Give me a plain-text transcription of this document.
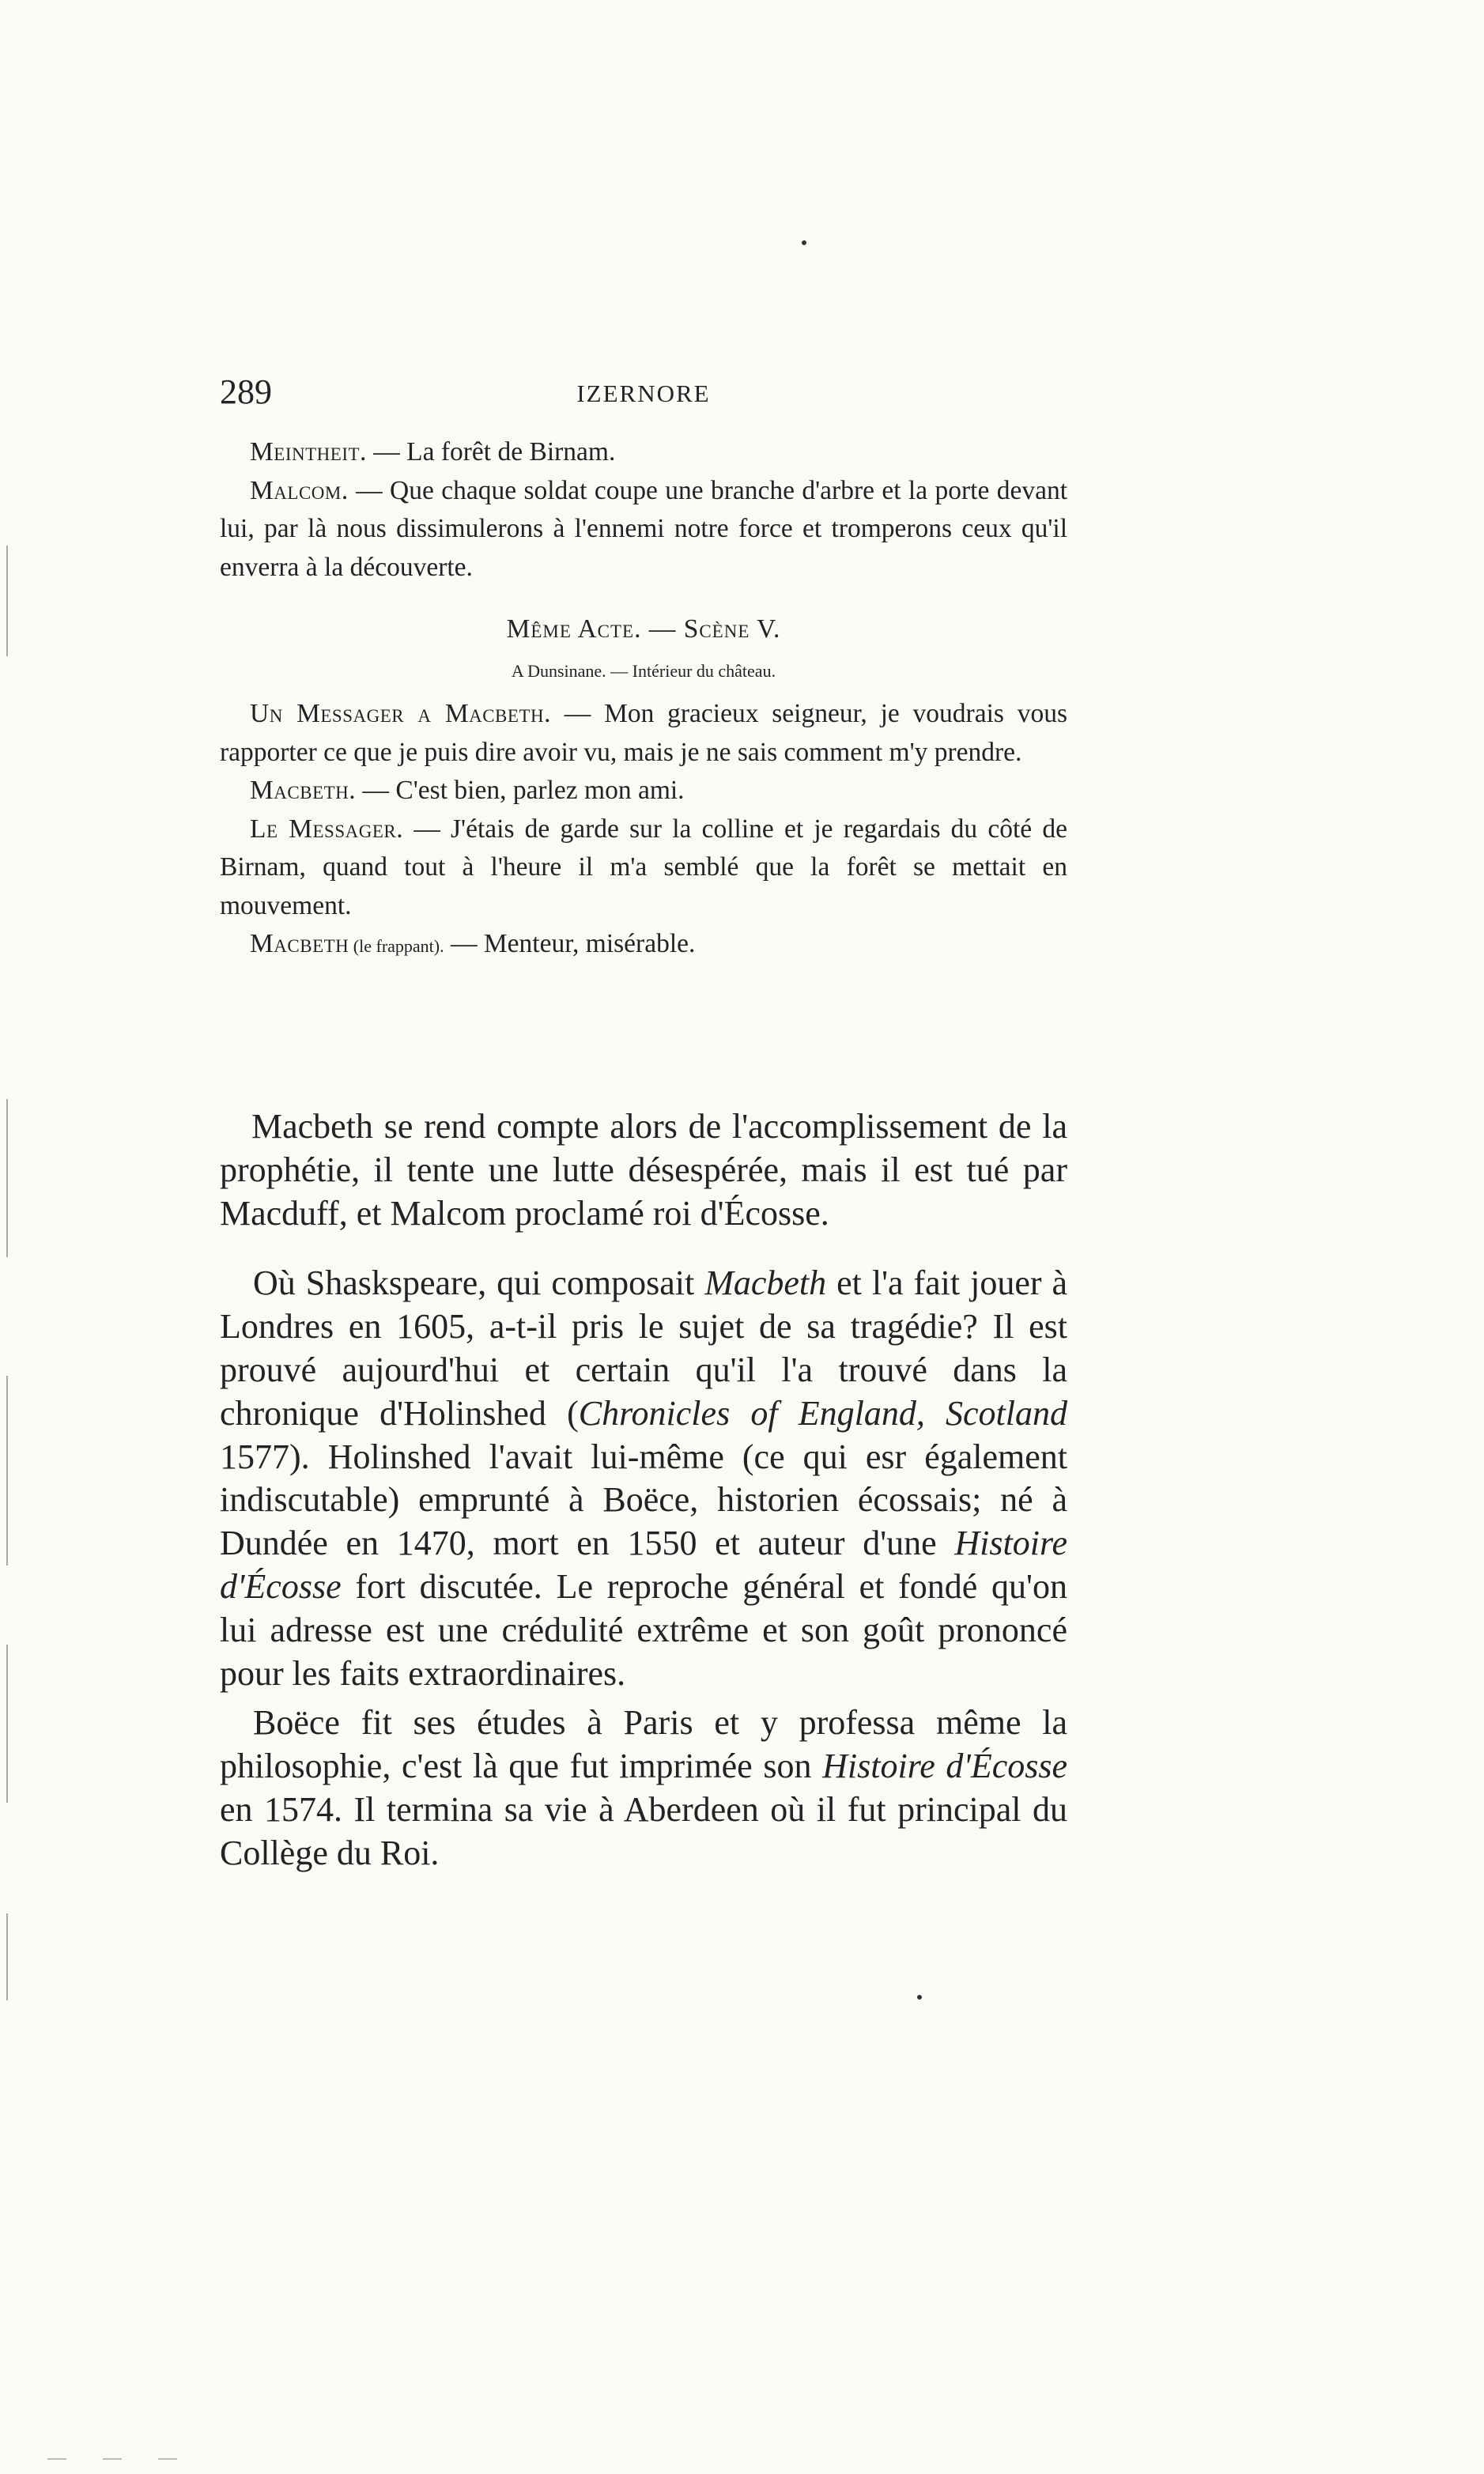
289	IZERNORE

Meintheit. — La forêt de Birnam.

Malcom. — Que chaque soldat coupe une branche d'arbre et la porte devant lui, par là nous dissimulerons à l'ennemi notre force et tromperons ceux qu'il enverra à la découverte.

Même Acte. — Scène V.

A Dunsinane. — Intérieur du château.

Un Messager a Macbeth. — Mon gracieux seigneur, je voudrais vous rapporter ce que je puis dire avoir vu, mais je ne sais comment m'y prendre.

Macbeth. — C'est bien, parlez mon ami.

Le Messager. — J'étais de garde sur la colline et je regardais du côté de Birnam, quand tout à l'heure il m'a semblé que la forêt se mettait en mouvement.

Macbeth (le frappant). — Menteur, misérable.

Macbeth se rend compte alors de l'accomplissement de la prophétie, il tente une lutte désespérée, mais il est tué par Macduff, et Malcom proclamé roi d'Écosse.

Où Shaskspeare, qui composait Macbeth et l'a fait jouer à Londres en 1605, a-t-il pris le sujet de sa tragédie? Il est prouvé aujourd'hui et certain qu'il l'a trouvé dans la chronique d'Holinshed (Chronicles of England, Scotland 1577). Holinshed l'avait lui-même (ce qui esr également indiscutable) emprunté à Boëce, historien écossais; né à Dundée en 1470, mort en 1550 et auteur d'une Histoire d'Écosse fort discutée. Le reproche général et fondé qu'on lui adresse est une crédulité extrême et son goût prononcé pour les faits extraordinaires.

Boëce fit ses études à Paris et y professa même la philosophie, c'est là que fut imprimée son Histoire d'Écosse en 1574. Il termina sa vie à Aberdeen où il fut principal du Collège du Roi.
